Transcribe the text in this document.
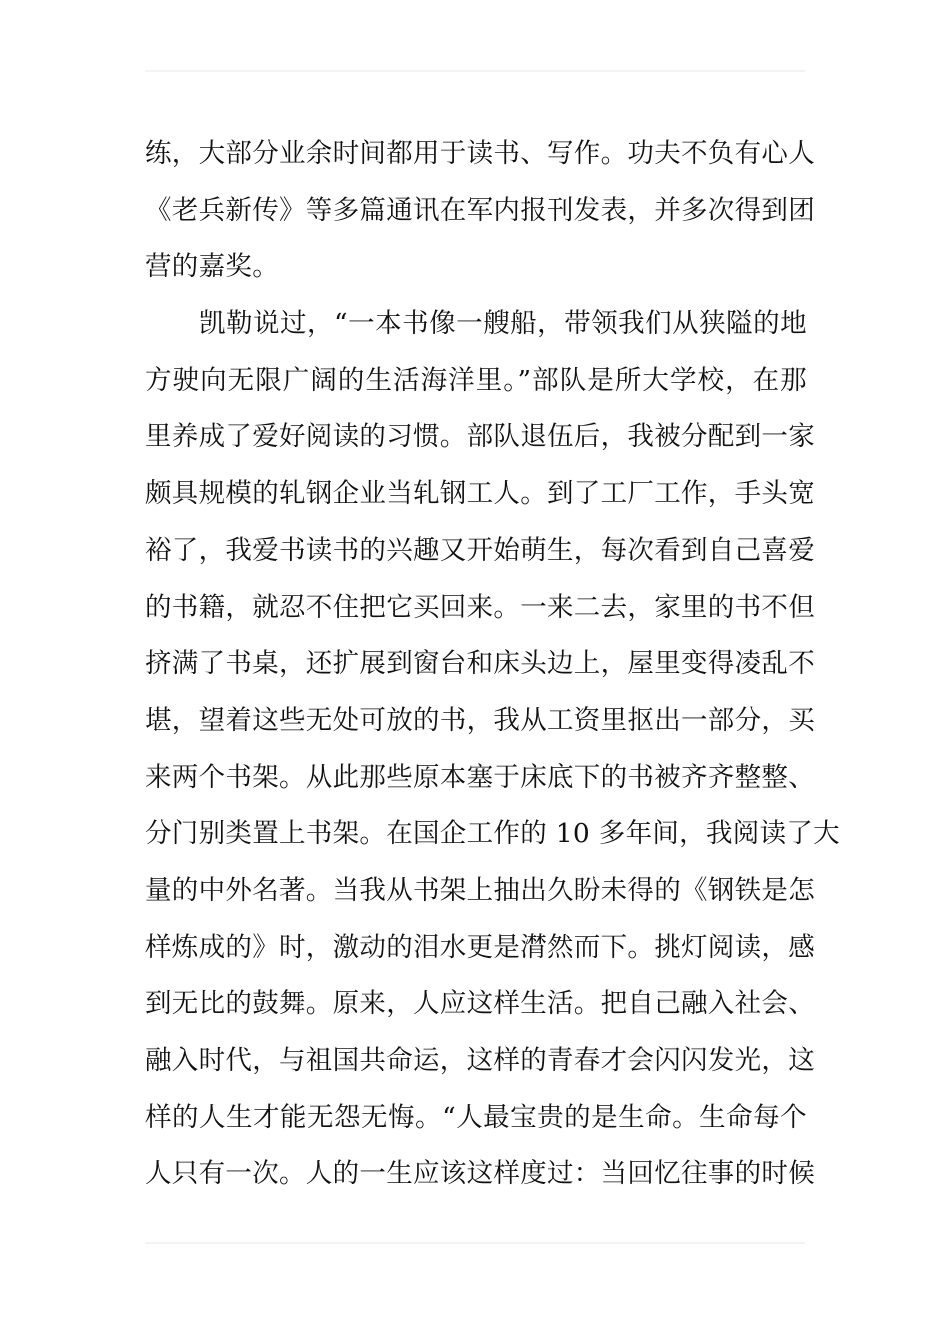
练，大部分业余时间都用于读书、写作。功夫不负有心人
《老兵新传》等多篇通讯在军内报刊发表，并多次得到团
营的嘉奖。
　　凯勒说过，“一本书像一艘船，带领我们从狭隘的地
方驶向无限广阔的生活海洋里。”部队是所大学校，在那
里养成了爱好阅读的习惯。部队退伍后，我被分配到一家
颇具规模的轧钢企业当轧钢工人。到了工厂工作，手头宽
裕了，我爱书读书的兴趣又开始萌生，每次看到自己喜爱
的书籍，就忍不住把它买回来。一来二去，家里的书不但
挤满了书桌，还扩展到窗台和床头边上，屋里变得凌乱不
堪，望着这些无处可放的书，我从工资里抠出一部分，买
来两个书架。从此那些原本塞于床底下的书被齐齐整整、
分门别类置上书架。在国企工作的 10 多年间，我阅读了大
量的中外名著。当我从书架上抽出久盼未得的《钢铁是怎
样炼成的》时，激动的泪水更是潸然而下。挑灯阅读，感
到无比的鼓舞。原来，人应这样生活。把自己融入社会、
融入时代，与祖国共命运，这样的青春才会闪闪发光，这
样的人生才能无怨无悔。“人最宝贵的是生命。生命每个
人只有一次。人的一生应该这样度过：当回忆往事的时候
